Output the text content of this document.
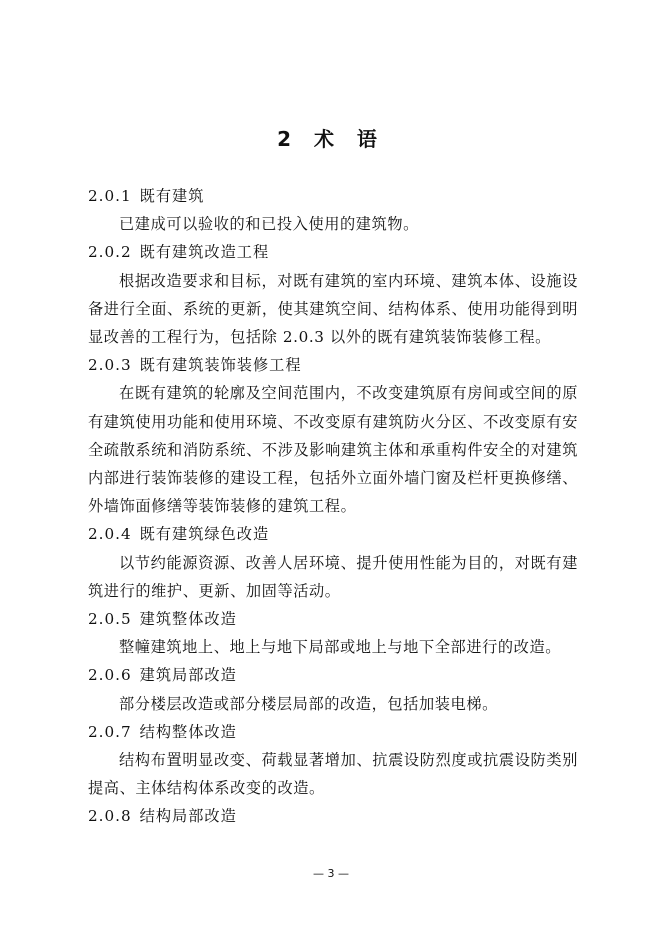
2 术 语

2.0.1 既有建筑

已建成可以验收的和已投入使用的建筑物。

2.0.2 既有建筑改造工程

根据改造要求和目标，对既有建筑的室内环境、建筑本体、设施设备进行全面、系统的更新，使其建筑空间、结构体系、使用功能得到明显改善的工程行为，包括除 2.0.3 以外的既有建筑装饰装修工程。

2.0.3 既有建筑装饰装修工程

在既有建筑的轮廓及空间范围内，不改变建筑原有房间或空间的原有建筑使用功能和使用环境、不改变原有建筑防火分区、不改变原有安全疏散系统和消防系统、不涉及影响建筑主体和承重构件安全的对建筑内部进行装饰装修的建设工程，包括外立面外墙门窗及栏杆更换修缮、外墙饰面修缮等装饰装修的建筑工程。

2.0.4 既有建筑绿色改造

以节约能源资源、改善人居环境、提升使用性能为目的，对既有建筑进行的维护、更新、加固等活动。

2.0.5 建筑整体改造

整幢建筑地上、地上与地下局部或地上与地下全部进行的改造。

2.0.6 建筑局部改造

部分楼层改造或部分楼层局部的改造，包括加装电梯。

2.0.7 结构整体改造

结构布置明显改变、荷载显著增加、抗震设防烈度或抗震设防类别提高、主体结构体系改变的改造。

2.0.8 结构局部改造

— 3 —
